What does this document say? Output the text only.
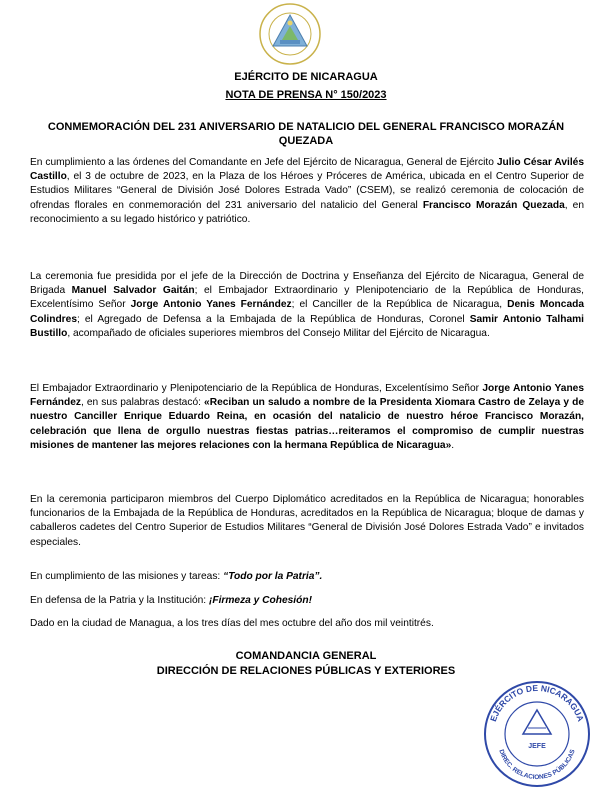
EJÉRCITO DE NICARAGUA
NOTA DE PRENSA N° 150/2023
CONMEMORACIÓN DEL 231 ANIVERSARIO DE NATALICIO DEL GENERAL FRANCISCO MORAZÁN QUEZADA
En cumplimiento a las órdenes del Comandante en Jefe del Ejército de Nicaragua, General de Ejército Julio César Avilés Castillo, el 3 de octubre de 2023, en la Plaza de los Héroes y Próceres de América, ubicada en el Centro Superior de Estudios Militares “General de División José Dolores Estrada Vado” (CSEM), se realizó ceremonia de colocación de ofrendas florales en conmemoración del 231 aniversario del natalicio del General Francisco Morazán Quezada, en reconocimiento a su legado histórico y patriótico.
La ceremonia fue presidida por el jefe de la Dirección de Doctrina y Enseñanza del Ejército de Nicaragua, General de Brigada Manuel Salvador Gaitán; el Embajador Extraordinario y Plenipotenciario de la República de Honduras, Excelentísimo Señor Jorge Antonio Yanes Fernández; el Canciller de la República de Nicaragua, Denis Moncada Colindres; el Agregado de Defensa a la Embajada de la República de Honduras, Coronel Samir Antonio Talhami Bustillo, acompañado de oficiales superiores miembros del Consejo Militar del Ejército de Nicaragua.
El Embajador Extraordinario y Plenipotenciario de la República de Honduras, Excelentísimo Señor Jorge Antonio Yanes Fernández, en sus palabras destacó: «Reciban un saludo a nombre de la Presidenta Xiomara Castro de Zelaya y de nuestro Canciller Enrique Eduardo Reina, en ocasión del natalicio de nuestro héroe Francisco Morazán, celebración que llena de orgullo nuestras fiestas patrias…reiteramos el compromiso de cumplir nuestras misiones de mantener las mejores relaciones con la hermana República de Nicaragua».
En la ceremonia participaron miembros del Cuerpo Diplomático acreditados en la República de Nicaragua; honorables funcionarios de la Embajada de la República de Honduras, acreditados en la República de Nicaragua; bloque de damas y caballeros cadetes del Centro Superior de Estudios Militares “General de División José Dolores Estrada Vado” e invitados especiales.
En cumplimiento de las misiones y tareas: “Todo por la Patria”.
En defensa de la Patria y la Institución: ¡Firmeza y Cohesión!
Dado en la ciudad de Managua, a los tres días del mes octubre del año dos mil veintitrés.
COMANDANCIA GENERAL
DIRECCIÓN DE RELACIONES PÚBLICAS Y EXTERIORES
EJÉRCITO DE NICARAGUA
DIREC. RELACIONES PÚBLICAS
JEFE
